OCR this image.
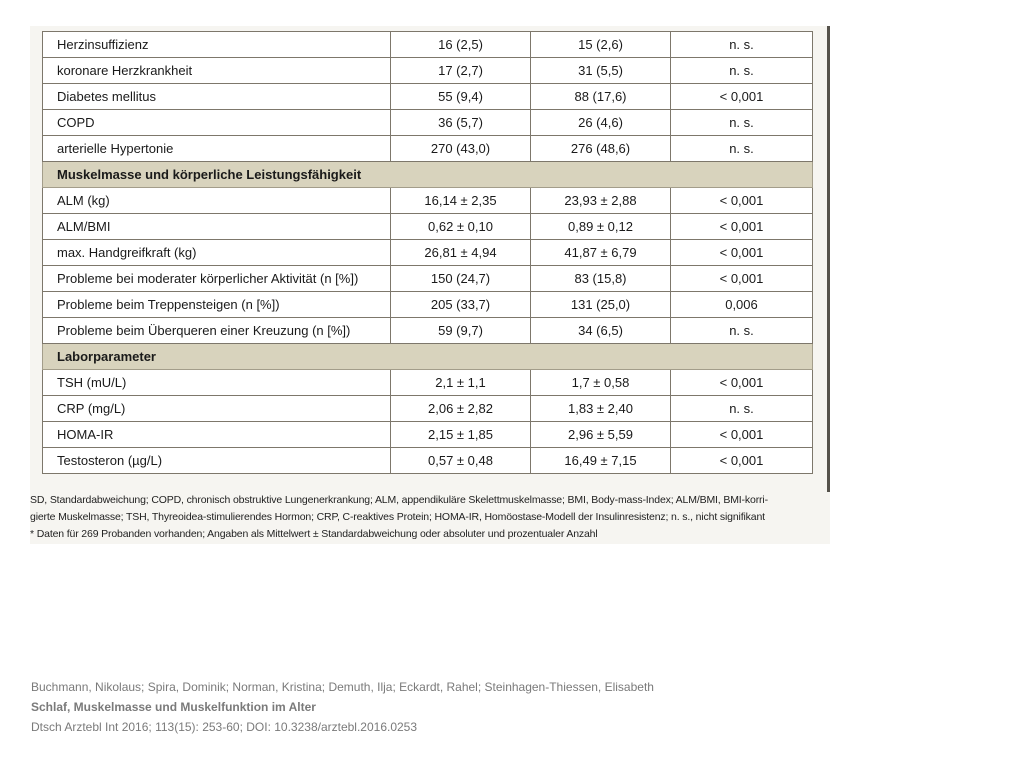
Herzinsuffizienz	16 (2,5)	15 (2,6)	n. s.
koronare Herzkrankheit	17 (2,7)	31 (5,5)	n. s.
Diabetes mellitus	55 (9,4)	88 (17,6)	< 0,001
COPD	36 (5,7)	26 (4,6)	n. s.
arterielle Hypertonie	270 (43,0)	276 (48,6)	n. s.
Muskelmasse und körperliche Leistungsfähigkeit			
ALM (kg)	16,14 ± 2,35	23,93 ± 2,88	< 0,001
ALM/BMI	0,62 ± 0,10	0,89 ± 0,12	< 0,001
max. Handgreifkraft (kg)	26,81 ± 4,94	41,87 ± 6,79	< 0,001
Probleme bei moderater körperlicher Aktivität (n [%])	150 (24,7)	83 (15,8)	< 0,001
Probleme beim Treppensteigen (n [%])	205 (33,7)	131 (25,0)	0,006
Probleme beim Überqueren einer Kreuzung (n [%])	59 (9,7)	34 (6,5)	n. s.
Laborparameter			
TSH (mU/L)	2,1 ± 1,1	1,7 ± 0,58	< 0,001
CRP (mg/L)	2,06 ± 2,82	1,83 ± 2,40	n. s.
HOMA-IR	2,15 ± 1,85	2,96 ± 5,59	< 0,001
Testosteron (µg/L)	0,57 ± 0,48	16,49 ± 7,15	< 0,001
SD, Standardabweichung; COPD, chronisch obstruktive Lungenerkrankung; ALM, appendikuläre Skelettmuskelmasse; BMI, Body-mass-Index; ALM/BMI, BMI-korri-
gierte Muskelmasse; TSH, Thyreoidea-stimulierendes Hormon; CRP, C-reaktives Protein; HOMA-IR, Homöostase-Modell der Insulinresistenz; n. s., nicht signifikant
* Daten für 269 Probanden vorhanden; Angaben als Mittelwert ± Standardabweichung oder absoluter und prozentualer Anzahl
Buchmann, Nikolaus; Spira, Dominik; Norman, Kristina; Demuth, Ilja; Eckardt, Rahel; Steinhagen-Thiessen, Elisabeth
Schlaf, Muskelmasse und Muskelfunktion im Alter
Dtsch Arztebl Int 2016; 113(15): 253-60; DOI: 10.3238/arztebl.2016.0253
